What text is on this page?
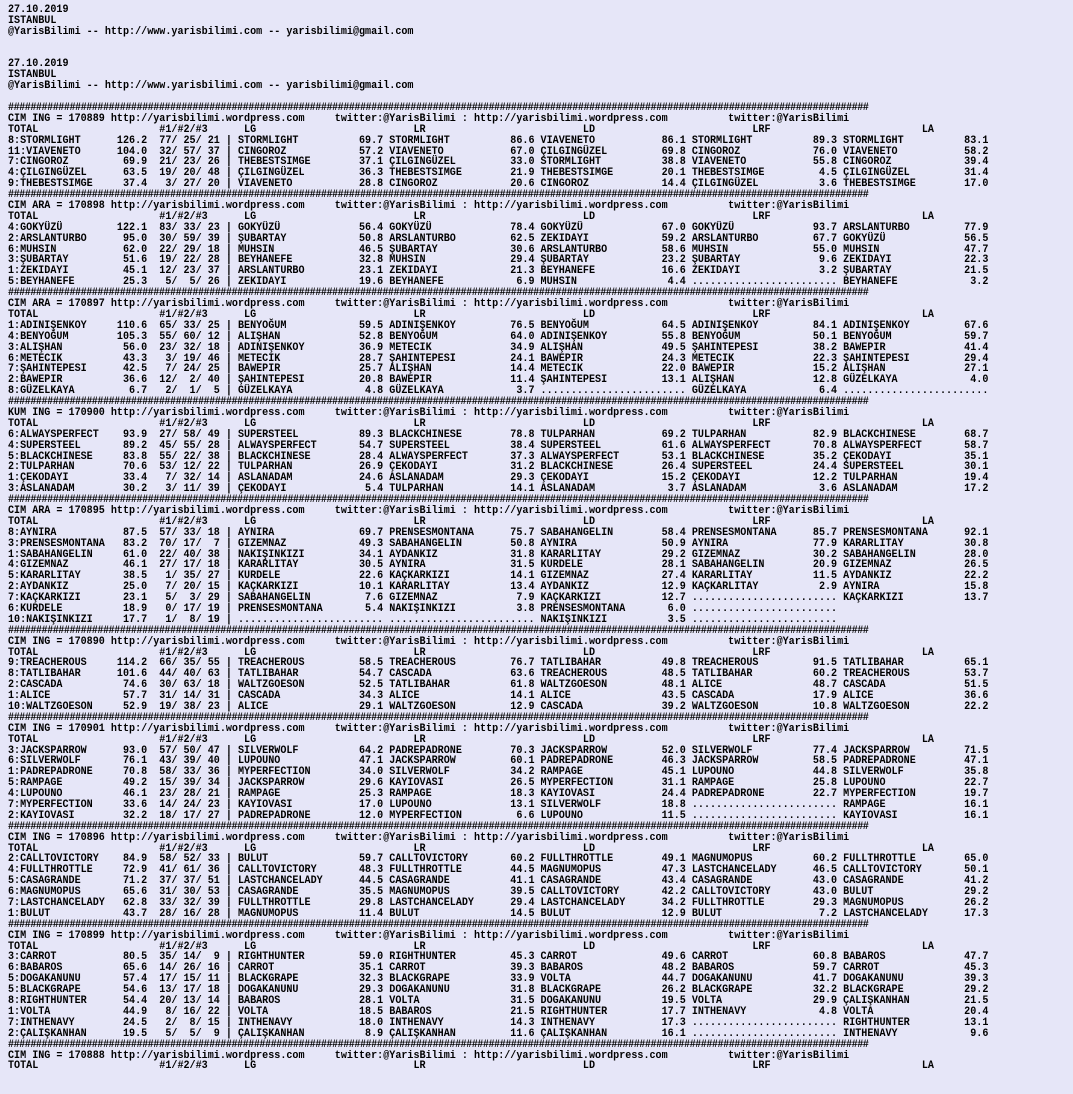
27.10.2019
ISTANBUL
@YarisBilimi -- http://www.yarisbilimi.com -- yarisbilimi@gmail.com
27.10.2019
ISTANBUL
@YarisBilimi -- http://www.yarisbilimi.com -- yarisbilimi@gmail.com
##########################################################################################################################################################
CIM ING = 170889 http://yarisbilimi.wordpress.com     twitter:@YarisBilimi : http://yarisbilimi.wordpress.com          twitter:@YarisBilimi
TOTAL                    #1/#2/#3      LG                          LR                          LD                          LRF                         LA
8:STORMLIGHT      126.2  77/ 25/ 21 | STORMLIGHT          69.7 STORMLIGHT          86.6 VIAVENETO           86.1 STORMLIGHT          89.3 STORMLIGHT          83.1
11:VIAVENETO      104.0  32/ 57/ 37 | CINGOROZ            57.2 VIAVENETO           67.0 ÇILGINGÜZEL         69.8 CINGOROZ            76.0 VIAVENETO           58.2
7:CINGOROZ         69.9  21/ 23/ 26 | THEBESTSIMGE        37.1 ÇILGINGÜZEL         33.0 STORMLIGHT          38.8 VIAVENETO           55.8 CINGOROZ            39.4
4:ÇILGINGÜZEL      63.5  19/ 20/ 48 | ÇILGINGÜZEL         36.3 THEBESTSIMGE        21.9 THEBESTSIMGE        20.1 THEBESTSIMGE         4.5 ÇILGINGÜZEL         31.4
9:THEBESTSIMGE     37.4   3/ 27/ 20 | VIAVENETO           28.8 CINGOROZ            20.6 CINGOROZ            14.4 ÇILGINGÜZEL          3.6 THEBESTSIMGE        17.0
##########################################################################################################################################################
CIM ARA = 170898 http://yarisbilimi.wordpress.com     twitter:@YarisBilimi : http://yarisbilimi.wordpress.com          twitter:@YarisBilimi
TOTAL                    #1/#2/#3      LG                          LR                          LD                          LRF                         LA
4:GOKYÜZÜ         122.1  83/ 33/ 23 | GOKYÜZÜ             56.4 GOKYÜZÜ             78.4 GOKYÜZÜ             67.0 GOKYÜZÜ             93.7 ARSLANTURBO         77.9
2:ARSLANTURBO      95.0  30/ 59/ 39 | ŞUBARTAY            50.8 ARSLANTURBO         62.5 ZEKIDAYI            59.2 ARSLANTURBO         67.7 GOKYÜZÜ             56.5
6:MUHSIN           62.0  22/ 29/ 18 | MUHSIN              46.5 ŞUBARTAY            30.6 ARSLANTURBO         58.6 MUHSIN              55.0 MUHSIN              47.7
3:ŞUBARTAY         51.6  19/ 22/ 28 | BEYHANEFE           32.8 MUHSIN              29.4 ŞUBARTAY            23.2 ŞUBARTAY             9.6 ZEKIDAYI            22.3
1:ZEKIDAYI         45.1  12/ 23/ 37 | ARSLANTURBO         23.1 ZEKIDAYI            21.3 BEYHANEFE           16.6 ZEKIDAYI             3.2 ŞUBARTAY            21.5
5:BEYHANEFE        25.3   5/  5/ 26 | ZEKIDAYI            19.6 BEYHANEFE            6.9 MUHSIN               4.4 ........................ BEYHANEFE            3.2
##########################################################################################################################################################
CIM ARA = 170897 http://yarisbilimi.wordpress.com     twitter:@YarisBilimi : http://yarisbilimi.wordpress.com          twitter:@YarisBilimi
TOTAL                    #1/#2/#3      LG                          LR                          LD                          LRF                         LA
1:ADINIŞENKOY     110.6  65/ 33/ 25 | BENYOĞUM            59.5 ADINIŞENKOY         76.5 BENYOĞUM            64.5 ADINIŞENKOY         84.1 ADINIŞENKOY         67.6
4:BENYOĞUM        105.3  55/ 60/ 12 | ALIŞHAN             52.8 BENYOĞUM            64.0 ADINIŞENKOY         55.8 BENYOĞUM            50.1 BENYOĞUM            59.7
3:ALIŞHAN          56.0  23/ 32/ 18 | ADINIŞENKOY         36.9 METECIK             34.9 ALIŞHAN             49.5 ŞAHINTEPESI         38.2 BAWEPIR             41.4
6:METECIK          43.3   3/ 19/ 46 | METECIK             28.7 ŞAHINTEPESI         24.1 BAWEPIR             24.3 METECIK             22.3 ŞAHINTEPESI         29.4
7:ŞAHINTEPESI      42.5   7/ 24/ 25 | BAWEPIR             25.7 ALIŞHAN             14.4 METECIK             22.0 BAWEPIR             15.2 ALIŞHAN             27.1
2:BAWEPIR          36.6  12/  2/ 40 | ŞAHINTEPESI         20.8 BAWEPIR             11.4 ŞAHINTEPESI         13.1 ALIŞHAN             12.8 GÜZELKAYA            4.0
8:GÜZELKAYA         6.7   2/  1/  5 | GÜZELKAYA            4.8 GÜZELKAYA            3.7 ........................ GÜZELKAYA            6.4 ........................
##########################################################################################################################################################
KUM ING = 170900 http://yarisbilimi.wordpress.com     twitter:@YarisBilimi : http://yarisbilimi.wordpress.com          twitter:@YarisBilimi
TOTAL                    #1/#2/#3      LG                          LR                          LD                          LRF                         LA
6:ALWAYSPERFECT    93.9  27/ 58/ 49 | SUPERSTEEL          89.3 BLACKCHINESE        78.8 TULPARHAN           69.2 TULPARHAN           82.9 BLACKCHINESE        68.7
4:SUPERSTEEL       89.2  45/ 55/ 28 | ALWAYSPERFECT       54.7 SUPERSTEEL          38.4 SUPERSTEEL          61.6 ALWAYSPERFECT       70.8 ALWAYSPERFECT       58.7
5:BLACKCHINESE     83.8  55/ 22/ 38 | BLACKCHINESE        28.4 ALWAYSPERFECT       37.3 ALWAYSPERFECT       53.1 BLACKCHINESE        35.2 ÇEKODAYI            35.1
2:TULPARHAN        70.6  53/ 12/ 22 | TULPARHAN           26.9 ÇEKODAYI            31.2 BLACKCHINESE        26.4 SUPERSTEEL          24.4 SUPERSTEEL          30.1
1:ÇEKODAYI         33.4   7/ 32/ 14 | ASLANADAM           24.6 ASLANADAM           29.3 ÇEKODAYI            15.2 ÇEKODAYI            12.2 TULPARHAN           19.4
3:ASLANADAM        30.2   3/ 11/ 39 | ÇEKODAYI             5.4 TULPARHAN           14.1 ASLANADAM            3.7 ASLANADAM            3.6 ASLANADAM           17.2
##########################################################################################################################################################
CIM ARA = 170895 http://yarisbilimi.wordpress.com     twitter:@YarisBilimi : http://yarisbilimi.wordpress.com          twitter:@YarisBilimi
TOTAL                    #1/#2/#3      LG                          LR                          LD                          LRF                         LA
8:AYNIRA           87.5  57/ 33/ 18 | AYNIRA              69.7 PRENSESMONTANA      75.7 SABAHANGELIN        58.4 PRENSESMONTANA      85.7 PRENSESMONTANA      92.1
3:PRENSESMONTANA   83.2  70/ 17/  7 | GIZEMNAZ            49.3 SABAHANGELIN        50.8 AYNIRA              50.9 AYNIRA              77.9 KARARLITAY          30.8
1:SABAHANGELIN     61.0  22/ 40/ 38 | NAKIŞINKIZI         34.1 AYDANKIZ            31.8 KARARLITAY          29.2 GIZEMNAZ            30.2 SABAHANGELIN        28.0
4:GIZEMNAZ         46.1  27/ 17/ 18 | KARARLITAY          30.5 AYNIRA              31.5 KURDELE             28.1 SABAHANGELIN        20.9 GIZEMNAZ            26.5
5:KARARLITAY       38.5   1/ 35/ 27 | KURDELE             22.6 KAÇKARKIZI          14.1 GIZEMNAZ            27.4 KARARLITAY          11.5 AYDANKIZ            22.2
2:AYDANKIZ         25.0   7/ 20/ 15 | KAÇKARKIZI          10.1 KARARLITAY          13.4 AYDANKIZ            12.9 KAÇKARLITAY          2.9 AYNIRA              15.8
7:KAÇKARKIZI       23.1   5/  3/ 29 | SABAHANGELIN         7.6 GIZEMNAZ             7.9 KAÇKARKIZI          12.7 ........................ KAÇKARKIZI          13.7
6:KURDELE          18.9   0/ 17/ 19 | PRENSESMONTANA       5.4 NAKIŞINKIZI          3.8 PRENSESMONTANA       6.0 ........................
10:NAKIŞINKIZI     17.7   1/  8/ 19 | ........................ ........................ NAKIŞINKIZI          3.5 ........................
##########################################################################################################################################################
CIM ING = 170890 http://yarisbilimi.wordpress.com     twitter:@YarisBilimi : http://yarisbilimi.wordpress.com          twitter:@YarisBilimi
TOTAL                    #1/#2/#3      LG                          LR                          LD                          LRF                         LA
9:TREACHEROUS     114.2  66/ 35/ 55 | TREACHEROUS         58.5 TREACHEROUS         76.7 TATLIBAHAR          49.8 TREACHEROUS         91.5 TATLIBAHAR          65.1
8:TATLIBAHAR      101.6  44/ 40/ 63 | TATLIBAHAR          54.7 CASCADA             63.6 TREACHEROUS         48.5 TATLIBAHAR          60.2 TREACHEROUS         53.7
2:CASCADA          74.6  30/ 63/ 18 | WALTZGOESON         52.5 TATLIBAHAR          61.8 WALTZGOESON         48.1 ALICE               48.7 CASCADA             51.5
1:ALICE            57.7  31/ 14/ 31 | CASCADA             34.3 ALICE               14.1 ALICE               43.5 CASCADA             17.9 ALICE               36.6
10:WALTZGOESON     52.9  19/ 38/ 23 | ALICE               29.1 WALTZGOESON         12.9 CASCADA             39.2 WALTZGOESON         10.8 WALTZGOESON         22.2
##########################################################################################################################################################
CIM ING = 170901 http://yarisbilimi.wordpress.com     twitter:@YarisBilimi : http://yarisbilimi.wordpress.com          twitter:@YarisBilimi
TOTAL                    #1/#2/#3      LG                          LR                          LD                          LRF                         LA
3:JACKSPARROW      93.0  57/ 50/ 47 | SILVERWOLF          64.2 PADREPADRONE        70.3 JACKSPARROW         52.0 SILVERWOLF          77.4 JACKSPARROW         71.5
6:SILVERWOLF       76.1  43/ 39/ 40 | LUPOUNO             47.1 JACKSPARROW         60.1 PADREPADRONE        46.3 JACKSPARROW         58.5 PADREPADRONE        47.1
1:PADREPADRONE     70.8  58/ 33/ 36 | MYPERFECTION        34.0 SILVERWOLF          34.2 RAMPAGE             45.1 LUPOUNO             44.8 SILVERWOLF          35.8
5:RAMPAGE          49.2  15/ 39/ 34 | JACKSPARROW         29.6 KAYIOVASI           26.5 MYPERFECTION        31.1 RAMPAGE             25.8 LUPOUNO             22.7
4:LUPOUNO          46.1  23/ 28/ 21 | RAMPAGE             25.3 RAMPAGE             18.3 KAYIOVASI           24.4 PADREPADRONE        22.7 MYPERFECTION        19.7
7:MYPERFECTION     33.6  14/ 24/ 23 | KAYIOVASI           17.0 LUPOUNO             13.1 SILVERWOLF          18.8 ........................ RAMPAGE             16.1
2:KAYIOVASI        32.2  18/ 17/ 27 | PADREPADRONE        12.0 MYPERFECTION         6.6 LUPOUNO             11.5 ........................ KAYIOVASI           16.1
##########################################################################################################################################################
CIM ING = 170896 http://yarisbilimi.wordpress.com     twitter:@YarisBilimi : http://yarisbilimi.wordpress.com          twitter:@YarisBilimi
TOTAL                    #1/#2/#3      LG                          LR                          LD                          LRF                         LA
2:CALLTOVICTORY    84.9  58/ 52/ 33 | BULUT               59.7 CALLTOVICTORY       60.2 FULLTHROTTLE        49.1 MAGNUMOPUS          60.2 FULLTHROTTLE        65.0
4:FULLTHROTTLE     72.9  41/ 61/ 36 | CALLTOVICTORY       48.3 FULLTHROTTLE        44.5 MAGNUMOPUS          47.3 LASTCHANCELADY      46.5 CALLTOVICTORY       50.1
5:CASAGRANDE       71.2  37/ 37/ 51 | LASTCHANCELADY      44.5 CASAGRANDE          41.1 CASAGRANDE          43.4 CASAGRANDE          43.0 CASAGRANDE          41.2
6:MAGNUMOPUS       65.6  31/ 30/ 53 | CASAGRANDE          35.5 MAGNUMOPUS          39.5 CALLTOVICTORY       42.2 CALLTOVICTORY       43.0 BULUT               29.2
7:LASTCHANCELADY   62.8  33/ 32/ 39 | FULLTHROTTLE        29.8 LASTCHANCELADY      29.4 LASTCHANCELADY      34.2 FULLTHROTTLE        29.3 MAGNUMOPUS          26.2
1:BULUT            43.7  28/ 16/ 28 | MAGNUMOPUS          11.4 BULUT               14.5 BULUT               12.9 BULUT                7.2 LASTCHANCELADY      17.3
##########################################################################################################################################################
CIM ING = 170899 http://yarisbilimi.wordpress.com     twitter:@YarisBilimi : http://yarisbilimi.wordpress.com          twitter:@YarisBilimi
TOTAL                    #1/#2/#3      LG                          LR                          LD                          LRF                         LA
3:CARROT           80.5  35/ 14/  9 | RIGHTHUNTER         59.0 RIGHTHUNTER         45.3 CARROT              49.6 CARROT              60.8 BABAROS             47.7
6:BABAROS          65.6  14/ 26/ 16 | CARROT              35.1 CARROT              39.3 BABAROS             48.2 BABAROS             59.7 CARROT              45.3
5:DOGAKANUNU       57.4  17/ 15/ 11 | BLACKGRAPE          32.3 BLACKGRAPE          33.9 VOLTA               44.7 DOGAKANUNU          41.7 DOGAKANUNU          39.3
5:BLACKGRAPE       54.6  13/ 17/ 18 | DOGAKANUNU          29.3 DOGAKANUNU          31.8 BLACKGRAPE          26.2 BLACKGRAPE          32.2 BLACKGRAPE          29.2
8:RIGHTHUNTER      54.4  20/ 13/ 14 | BABAROS             28.1 VOLTA               31.5 DOGAKANUNU          19.5 VOLTA               29.9 ÇALIŞKANHAN         21.5
1:VOLTA            44.9   8/ 16/ 22 | VOLTA               18.5 BABAROS             21.5 RIGHTHUNTER         17.7 INTHENAVY            4.8 VOLTA               20.4
7:INTHENAVY        24.5   2/  8/ 15 | INTHENAVY           18.0 INTHENAVY           14.3 INTHENAVY           17.3 ........................ RIGHTHUNTER         13.1
2:ÇALIŞKANHAN      19.5   5/  5/  9 | ÇALIŞKANHAN          8.9 ÇALIŞKANHAN         11.6 ÇALIŞKANHAN         16.1 ........................ INTHENAVY            9.6
##########################################################################################################################################################
CIM ING = 170888 http://yarisbilimi.wordpress.com     twitter:@YarisBilimi : http://yarisbilimi.wordpress.com          twitter:@YarisBilimi
TOTAL                    #1/#2/#3      LG                          LR                          LD                          LRF                         LA
